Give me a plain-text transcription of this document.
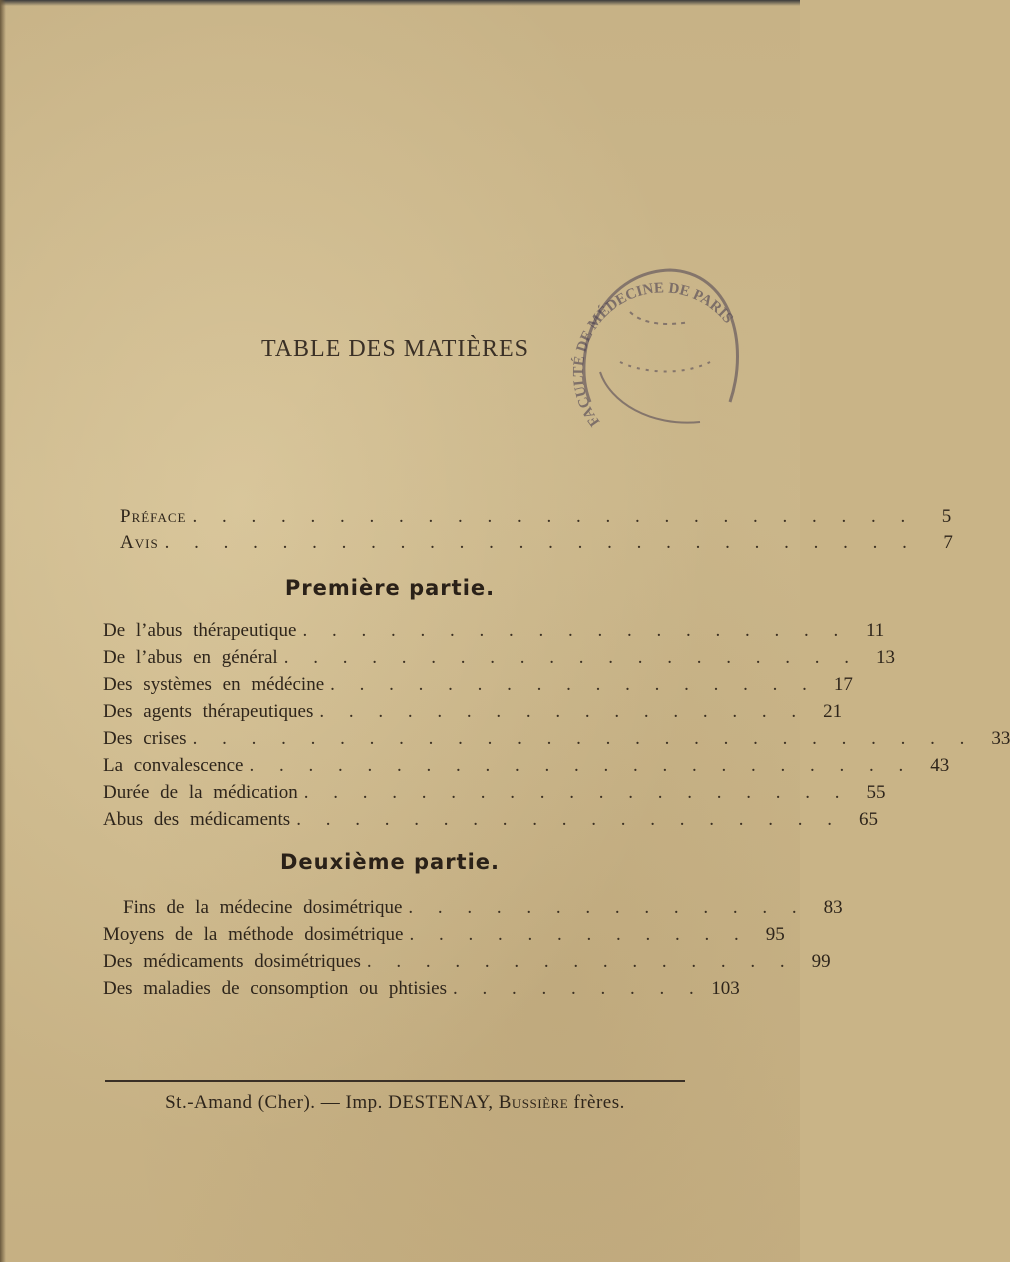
TABLE DES MATIÈRES
FACULTÉ DE MÉDECINE DE PARIS
Préface . . . . . . . . . . . . . . . . . . . . . . . . .	5
Avis . . . . . . . . . . . . . . . . . . . . . . . . . .	7
Première partie.
De l’abus thérapeutique . . . . . . . . . . . . . . . . . . . 11
De l’abus en général . . . . . . . . . . . . . . . . . . . . 13
Des systèmes en médécine . . . . . . . . . . . . . . . . . 17
Des agents thérapeutiques . . . . . . . . . . . . . . . . . 21
Des crises . . . . . . . . . . . . . . . . . . . . . . . . . . . 33
La convalescence . . . . . . . . . . . . . . . . . . . . . . . 43
Durée de la médication . . . . . . . . . . . . . . . . . . . 55
Abus des médicaments . . . . . . . . . . . . . . . . . . . 65
Deuxième partie.
Fins de la médecine dosimétrique . . . . . . . . . . . . . . 83
Moyens de la méthode dosimétrique . . . . . . . . . . . . 95
Des médicaments dosimétriques . . . . . . . . . . . . . . . 99
Des maladies de consomption ou phtisies . . . . . . . . . 103
St.-Amand (Cher). — Imp. DESTENAY, Bussière frères.
